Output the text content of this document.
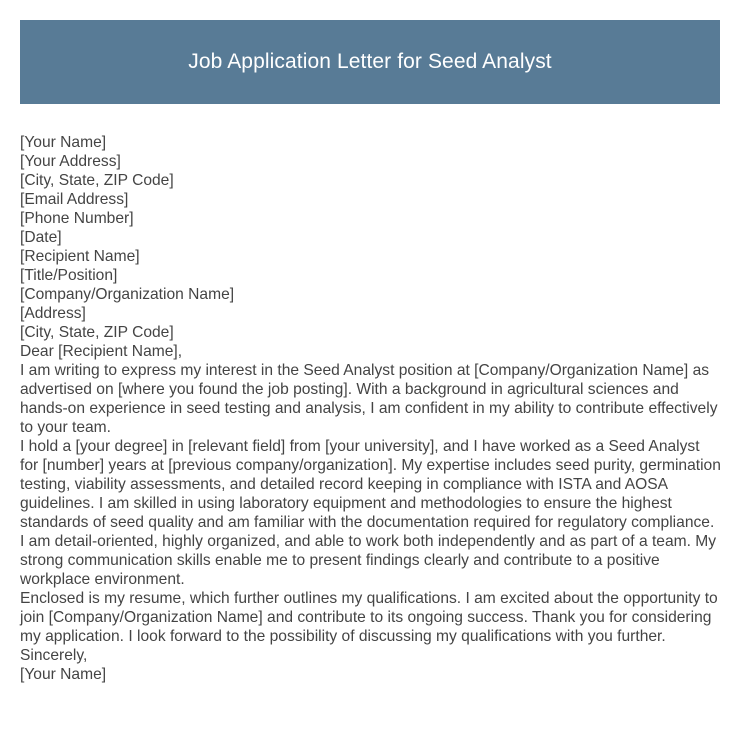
Job Application Letter for Seed Analyst
[Your Name]
[Your Address]
[City, State, ZIP Code]
[Email Address]
[Phone Number]
[Date]
[Recipient Name]
[Title/Position]
[Company/Organization Name]
[Address]
[City, State, ZIP Code]
Dear [Recipient Name],

I am writing to express my interest in the Seed Analyst position at [Company/Organization Name] as advertised on [where you found the job posting]. With a background in agricultural sciences and hands-on experience in seed testing and analysis, I am confident in my ability to contribute effectively to your team.

I hold a [your degree] in [relevant field] from [your university], and I have worked as a Seed Analyst for [number] years at [previous company/organization]. My expertise includes seed purity, germination testing, viability assessments, and detailed record keeping in compliance with ISTA and AOSA guidelines. I am skilled in using laboratory equipment and methodologies to ensure the highest standards of seed quality and am familiar with the documentation required for regulatory compliance.

I am detail-oriented, highly organized, and able to work both independently and as part of a team. My strong communication skills enable me to present findings clearly and contribute to a positive workplace environment.

Enclosed is my resume, which further outlines my qualifications. I am excited about the opportunity to join [Company/Organization Name] and contribute to its ongoing success. Thank you for considering my application. I look forward to the possibility of discussing my qualifications with you further.

Sincerely,
[Your Name]
